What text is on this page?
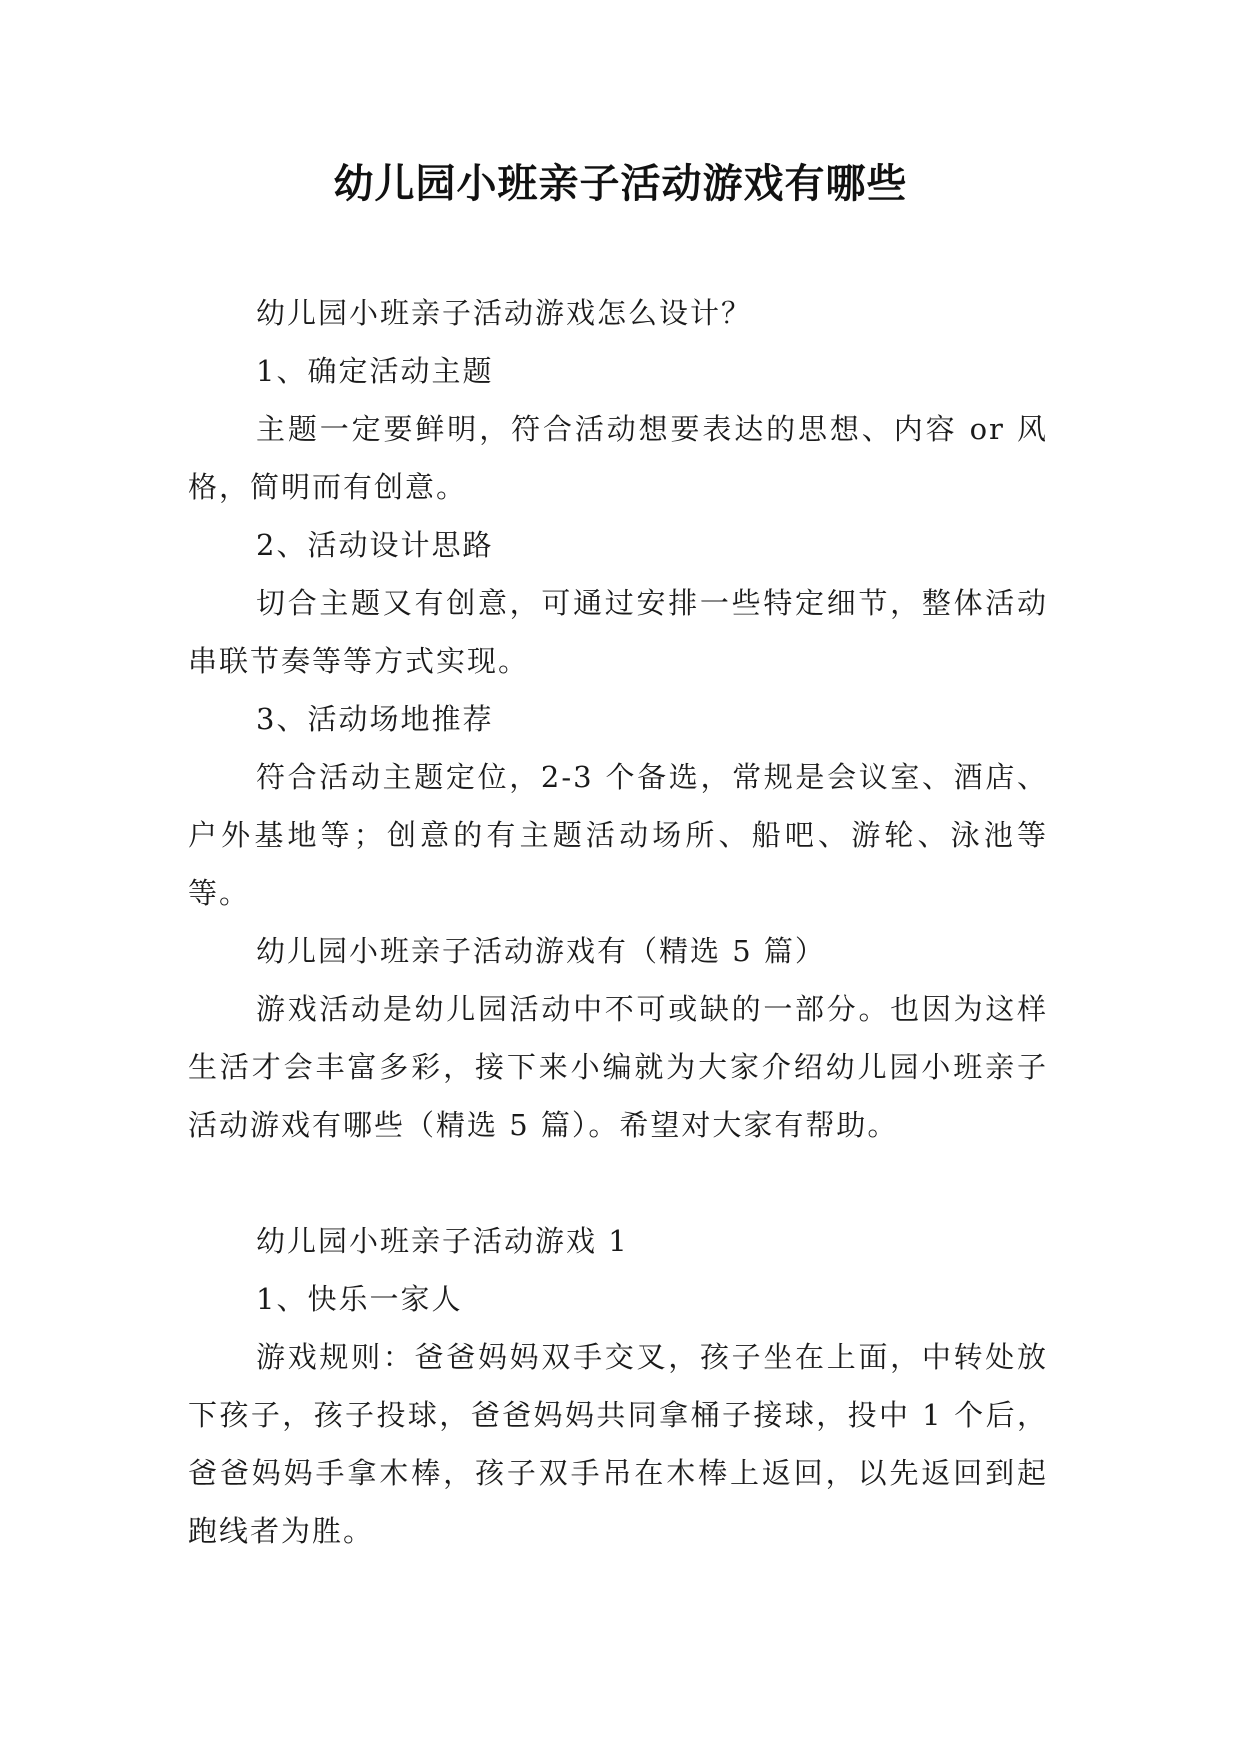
幼儿园小班亲子活动游戏有哪些

幼儿园小班亲子活动游戏怎么设计？

1、确定活动主题

主题一定要鲜明，符合活动想要表达的思想、内容 or 风格，简明而有创意。

2、活动设计思路

切合主题又有创意，可通过安排一些特定细节，整体活动串联节奏等等方式实现。

3、活动场地推荐

符合活动主题定位，2-3 个备选，常规是会议室、酒店、户外基地等；创意的有主题活动场所、船吧、游轮、泳池等等。

幼儿园小班亲子活动游戏有（精选 5 篇）

游戏活动是幼儿园活动中不可或缺的一部分。也因为这样生活才会丰富多彩，接下来小编就为大家介绍幼儿园小班亲子活动游戏有哪些（精选 5 篇）。希望对大家有帮助。

幼儿园小班亲子活动游戏 1

1、快乐一家人

游戏规则：爸爸妈妈双手交叉，孩子坐在上面，中转处放下孩子，孩子投球，爸爸妈妈共同拿桶子接球，投中 1 个后，爸爸妈妈手拿木棒，孩子双手吊在木棒上返回，以先返回到起跑线者为胜。
